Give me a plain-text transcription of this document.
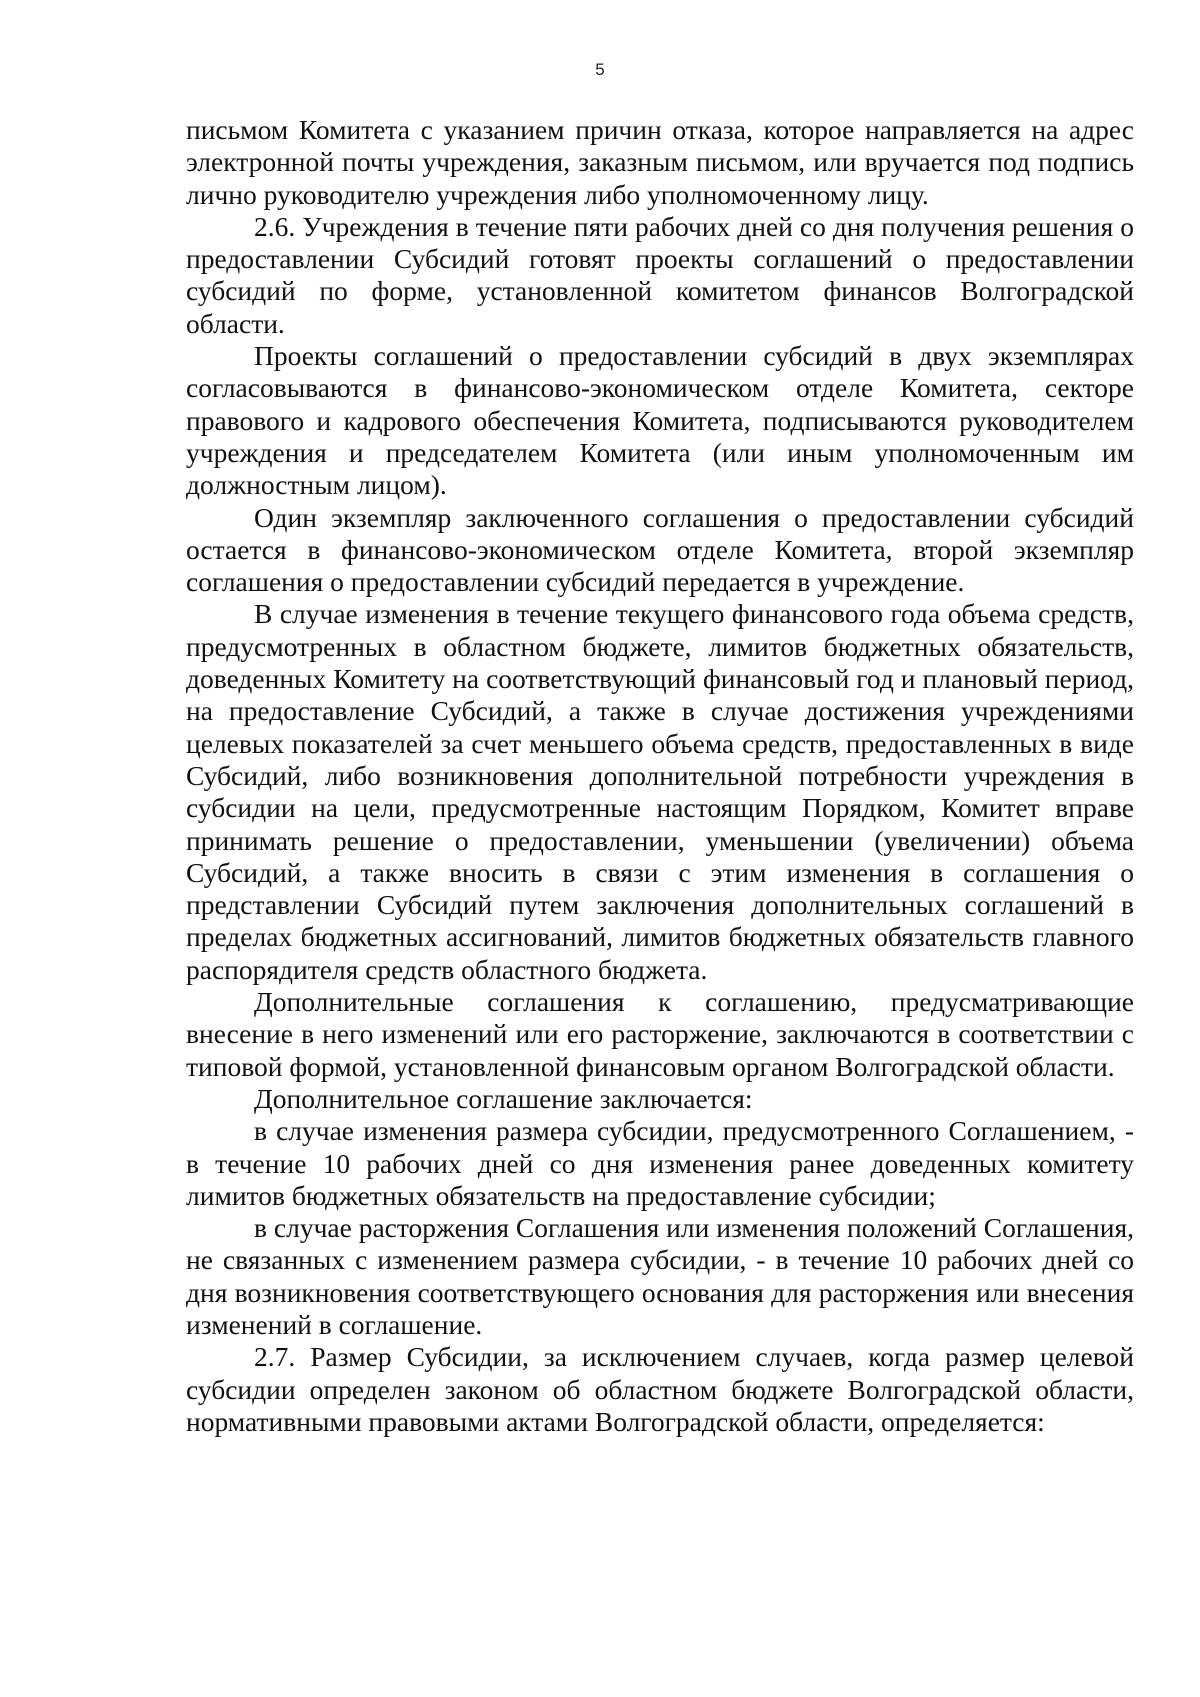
5

письмом Комитета с указанием причин отказа, которое направляется на адрес электронной почты учреждения, заказным письмом, или вручается под подпись лично руководителю учреждения либо уполномоченному лицу.

2.6. Учреждения в течение пяти рабочих дней со дня получения решения о предоставлении Субсидий готовят проекты соглашений о предоставлении субсидий по форме, установленной комитетом финансов Волгоградской области.

Проекты соглашений о предоставлении субсидий в двух экземплярах согласовываются в финансово-экономическом отделе Комитета, секторе правового и кадрового обеспечения Комитета, подписываются руководителем учреждения и председателем Комитета (или иным уполномоченным им должностным лицом).

Один экземпляр заключенного соглашения о предоставлении субсидий остается в финансово-экономическом отделе Комитета, второй экземпляр соглашения о предоставлении субсидий передается в учреждение.

В случае изменения в течение текущего финансового года объема средств, предусмотренных в областном бюджете, лимитов бюджетных обязательств, доведенных Комитету на соответствующий финансовый год и плановый период, на предоставление Субсидий, а также в случае достижения учреждениями целевых показателей за счет меньшего объема средств, предоставленных в виде Субсидий, либо возникновения дополнительной потребности учреждения в субсидии на цели, предусмотренные настоящим Порядком, Комитет вправе принимать решение о предоставлении, уменьшении (увеличении) объема Субсидий, а также вносить в связи с этим изменения в соглашения о представлении Субсидий путем заключения дополнительных соглашений в пределах бюджетных ассигнований, лимитов бюджетных обязательств главного распорядителя средств областного бюджета.

Дополнительные соглашения к соглашению, предусматривающие внесение в него изменений или его расторжение, заключаются в соответствии с типовой формой, установленной финансовым органом Волгоградской области.

Дополнительное соглашение заключается:

в случае изменения размера субсидии, предусмотренного Соглашением, - в течение 10 рабочих дней со дня изменения ранее доведенных комитету лимитов бюджетных обязательств на предоставление субсидии;

в случае расторжения Соглашения или изменения положений Соглашения, не связанных с изменением размера субсидии, - в течение 10 рабочих дней со дня возникновения соответствующего основания для расторжения или внесения изменений в соглашение.

2.7. Размер Субсидии, за исключением случаев, когда размер целевой субсидии определен законом об областном бюджете Волгоградской области, нормативными правовыми актами Волгоградской области, определяется:
